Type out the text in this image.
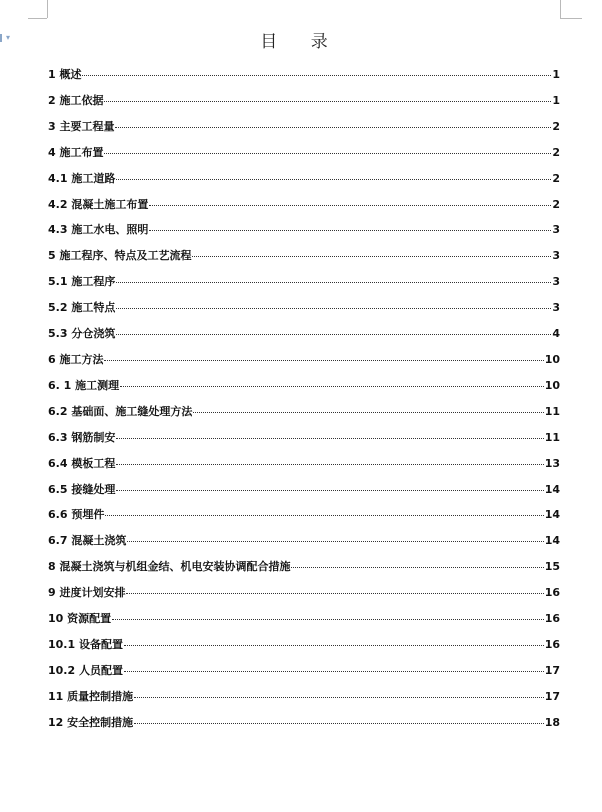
▾	目 录
1 概述	1
2 施工依据	1
3 主要工程量	2
4 施工布置	2
4.1 施工道路	2
4.2 混凝土施工布置	2
4.3 施工水电、照明	3
5 施工程序、特点及工艺流程	3
5.1 施工程序	3
5.2 施工特点	3
5.3 分仓浇筑	4
6 施工方法	10
6. 1 施工测理	10
6.2 基础面、施工缝处理方法	11
6.3 钢筋制安	11
6.4 模板工程	13
6.5 接缝处理	14
6.6 预埋件	14
6.7 混凝土浇筑	14
8 混凝土浇筑与机组金结、机电安装协调配合措施	15
9 进度计划安排	16
10 资源配置	16
10.1 设备配置	16
10.2 人员配置	17
11 质量控制措施	17
12 安全控制措施	18
